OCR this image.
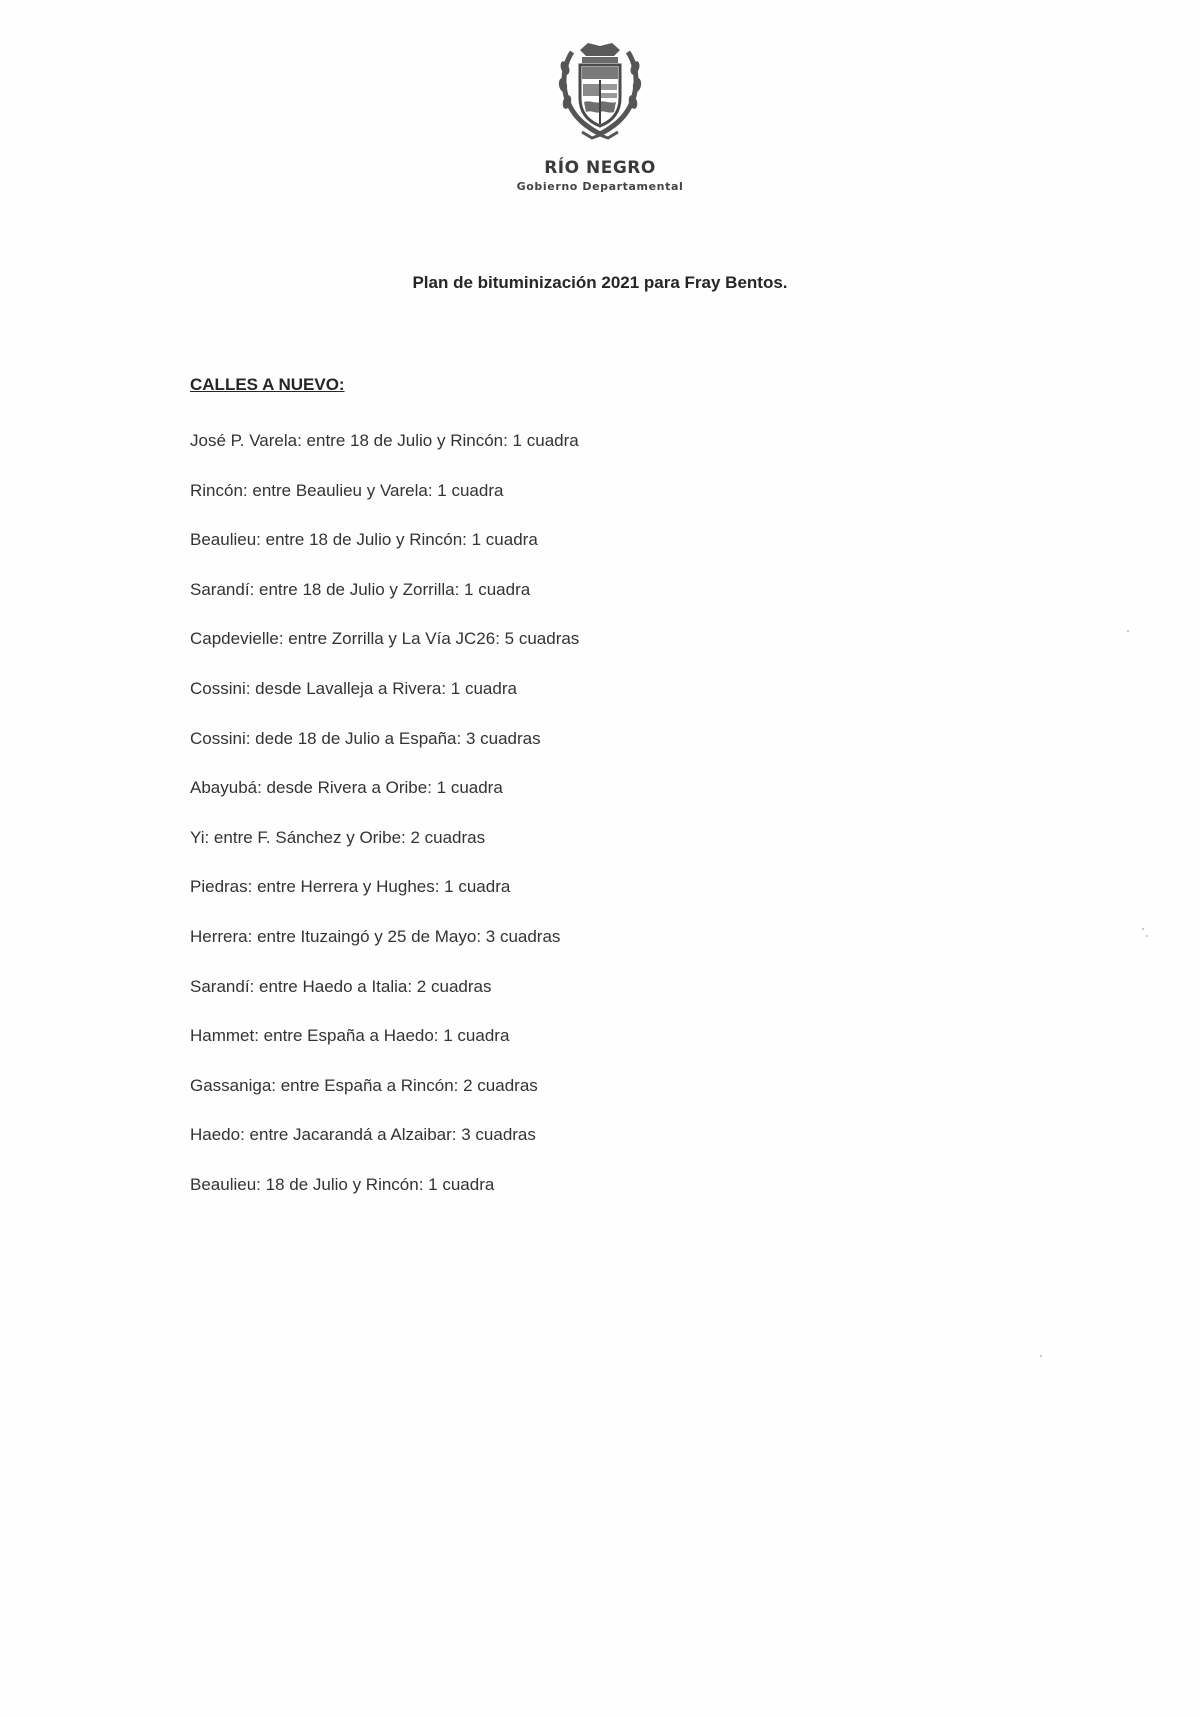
RÍO NEGRO
Gobierno Departamental
Plan de bituminización 2021 para Fray Bentos.
CALLES A NUEVO:
José P. Varela: entre 18 de Julio y Rincón: 1 cuadra
Rincón: entre Beaulieu y Varela: 1 cuadra
Beaulieu: entre 18 de Julio y Rincón: 1 cuadra
Sarandí: entre 18 de Julio y Zorrilla: 1 cuadra
Capdevielle: entre Zorrilla y La Vía JC26: 5 cuadras
Cossini: desde Lavalleja a Rivera: 1 cuadra
Cossini: dede 18 de Julio a España: 3 cuadras
Abayubá: desde Rivera a Oribe: 1 cuadra
Yi: entre F. Sánchez y Oribe: 2 cuadras
Piedras: entre Herrera y Hughes: 1 cuadra
Herrera: entre Ituzaingó y 25 de Mayo: 3 cuadras
Sarandí: entre Haedo a Italia: 2 cuadras
Hammet: entre España a Haedo: 1 cuadra
Gassaniga: entre España a Rincón: 2 cuadras
Haedo: entre Jacarandá a Alzaibar: 3 cuadras
Beaulieu: 18 de Julio y Rincón: 1 cuadra
